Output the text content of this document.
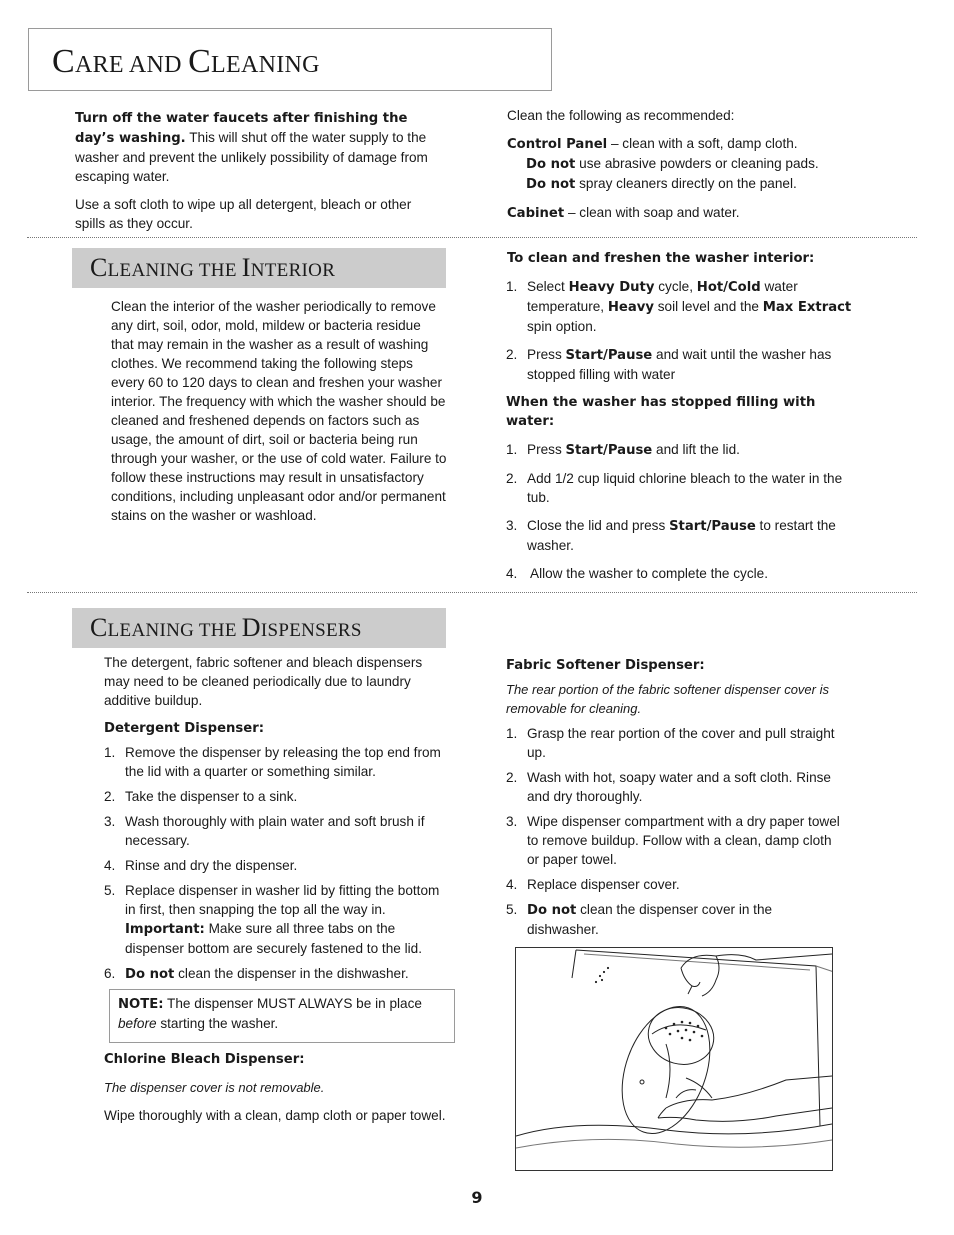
CARE AND CLEANING

Turn off the water faucets after finishing the day’s washing. This will shut off the water supply to the washer and prevent the unlikely possibility of damage from escaping water.

Use a soft cloth to wipe up all detergent, bleach or other spills as they occur.

Clean the following as recommended:

Control Panel – clean with a soft, damp cloth.

Do not use abrasive powders or cleaning pads.

Do not spray cleaners directly on the panel.

Cabinet – clean with soap and water.

CLEANING THE INTERIOR

Clean the interior of the washer periodically to remove any dirt, soil, odor, mold, mildew or bacteria residue that may remain in the washer as a result of washing clothes. We recommend taking the following steps every 60 to 120 days to clean and freshen your washer interior. The frequency with which the washer should be cleaned and freshened depends on factors such as usage, the amount of dirt, soil or bacteria being run through your washer, or the use of cold water. Failure to follow these instructions may result in unsatisfactory conditions, including unpleasant odor and/or permanent stains on the washer or washload.

To clean and freshen the washer interior:

1. Select Heavy Duty cycle, Hot/Cold water temperature, Heavy soil level and the Max Extract spin option.
2. Press Start/Pause and wait until the washer has stopped filling with water

When the washer has stopped filling with water:

1. Press Start/Pause and lift the lid.
2. Add 1/2 cup liquid chlorine bleach to the water in the tub.
3. Close the lid and press Start/Pause to restart the washer.
4. Allow the washer to complete the cycle.
CLEANING THE DISPENSERS

The detergent, fabric softener and bleach dispensers may need to be cleaned periodically due to laundry additive buildup.

Detergent Dispenser:

1. Remove the dispenser by releasing the top end from the lid with a quarter or something similar.
2. Take the dispenser to a sink.
3. Wash thoroughly with plain water and soft brush if necessary.
4. Rinse and dry the dispenser.
5. Replace dispenser in washer lid by fitting the bottom in first, then snapping the top all the way in. Important: Make sure all three tabs on the dispenser bottom are securely fastened to the lid.
6. Do not clean the dispenser in the dishwasher.

NOTE: The dispenser MUST ALWAYS be in place before starting the washer.

Chlorine Bleach Dispenser:

The dispenser cover is not removable.

Wipe thoroughly with a clean, damp cloth or paper towel.

Fabric Softener Dispenser:

The rear portion of the fabric softener dispenser cover is removable for cleaning.

1. Grasp the rear portion of the cover and pull straight up.
2. Wash with hot, soapy water and a soft cloth. Rinse and dry thoroughly.
3. Wipe dispenser compartment with a dry paper towel to remove buildup. Follow with a clean, damp cloth or paper towel.
4. Replace dispenser cover.
5. Do not clean the dispenser cover in the dishwasher.
9
